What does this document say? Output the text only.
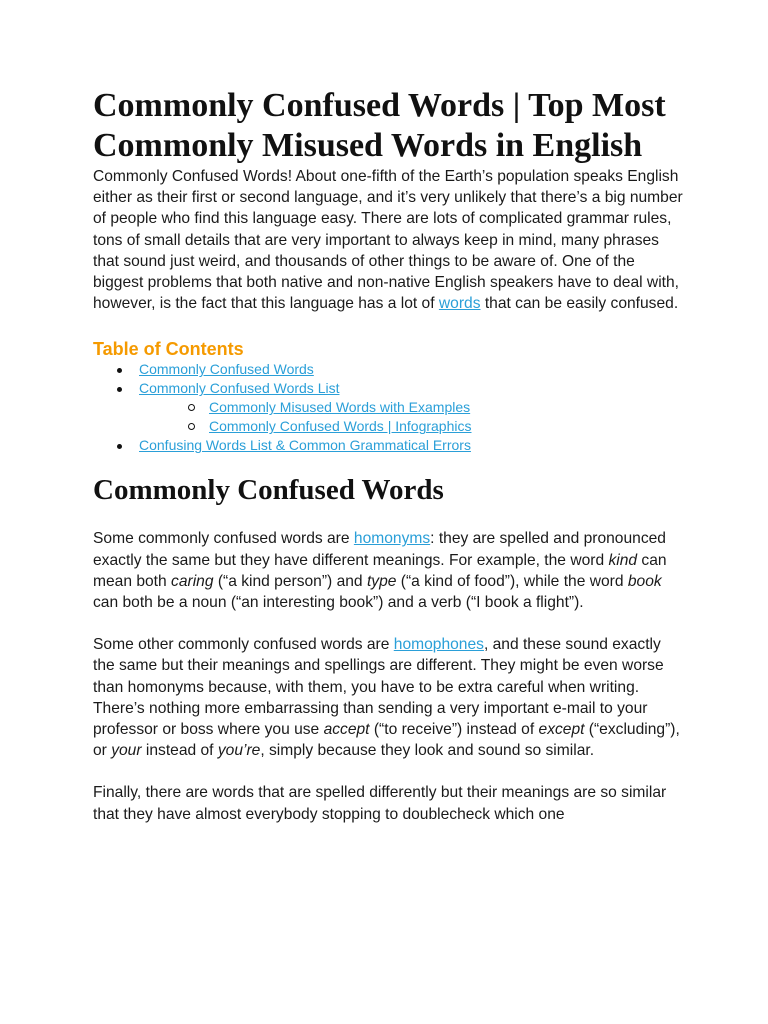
Commonly Confused Words | Top Most Commonly Misused Words in English

Commonly Confused Words! About one-fifth of the Earth’s population speaks English either as their first or second language, and it’s very unlikely that there’s a big number of people who find this language easy. There are lots of complicated grammar rules, tons of small details that are very important to always keep in mind, many phrases that sound just weird, and thousands of other things to be aware of. One of the biggest problems that both native and non-native English speakers have to deal with, however, is the fact that this language has a lot of words that can be easily confused.

Table of Contents
Commonly Confused Words
Commonly Confused Words List
Commonly Misused Words with Examples
Commonly Confused Words | Infographics
Confusing Words List & Common Grammatical Errors
Commonly Confused Words

Some commonly confused words are homonyms: they are spelled and pronounced exactly the same but they have different meanings. For example, the word kind can mean both caring (“a kind person”) and type (“a kind of food”), while the word book can both be a noun (“an interesting book”) and a verb (“I book a flight”).

Some other commonly confused words are homophones, and these sound exactly the same but their meanings and spellings are different. They might be even worse than homonyms because, with them, you have to be extra careful when writing. There’s nothing more embarrassing than sending a very important e-mail to your professor or boss where you use accept (“to receive”) instead of except (“excluding”), or your instead of you’re, simply because they look and sound so similar.

Finally, there are words that are spelled differently but their meanings are so similar that they have almost everybody stopping to doublecheck which one
